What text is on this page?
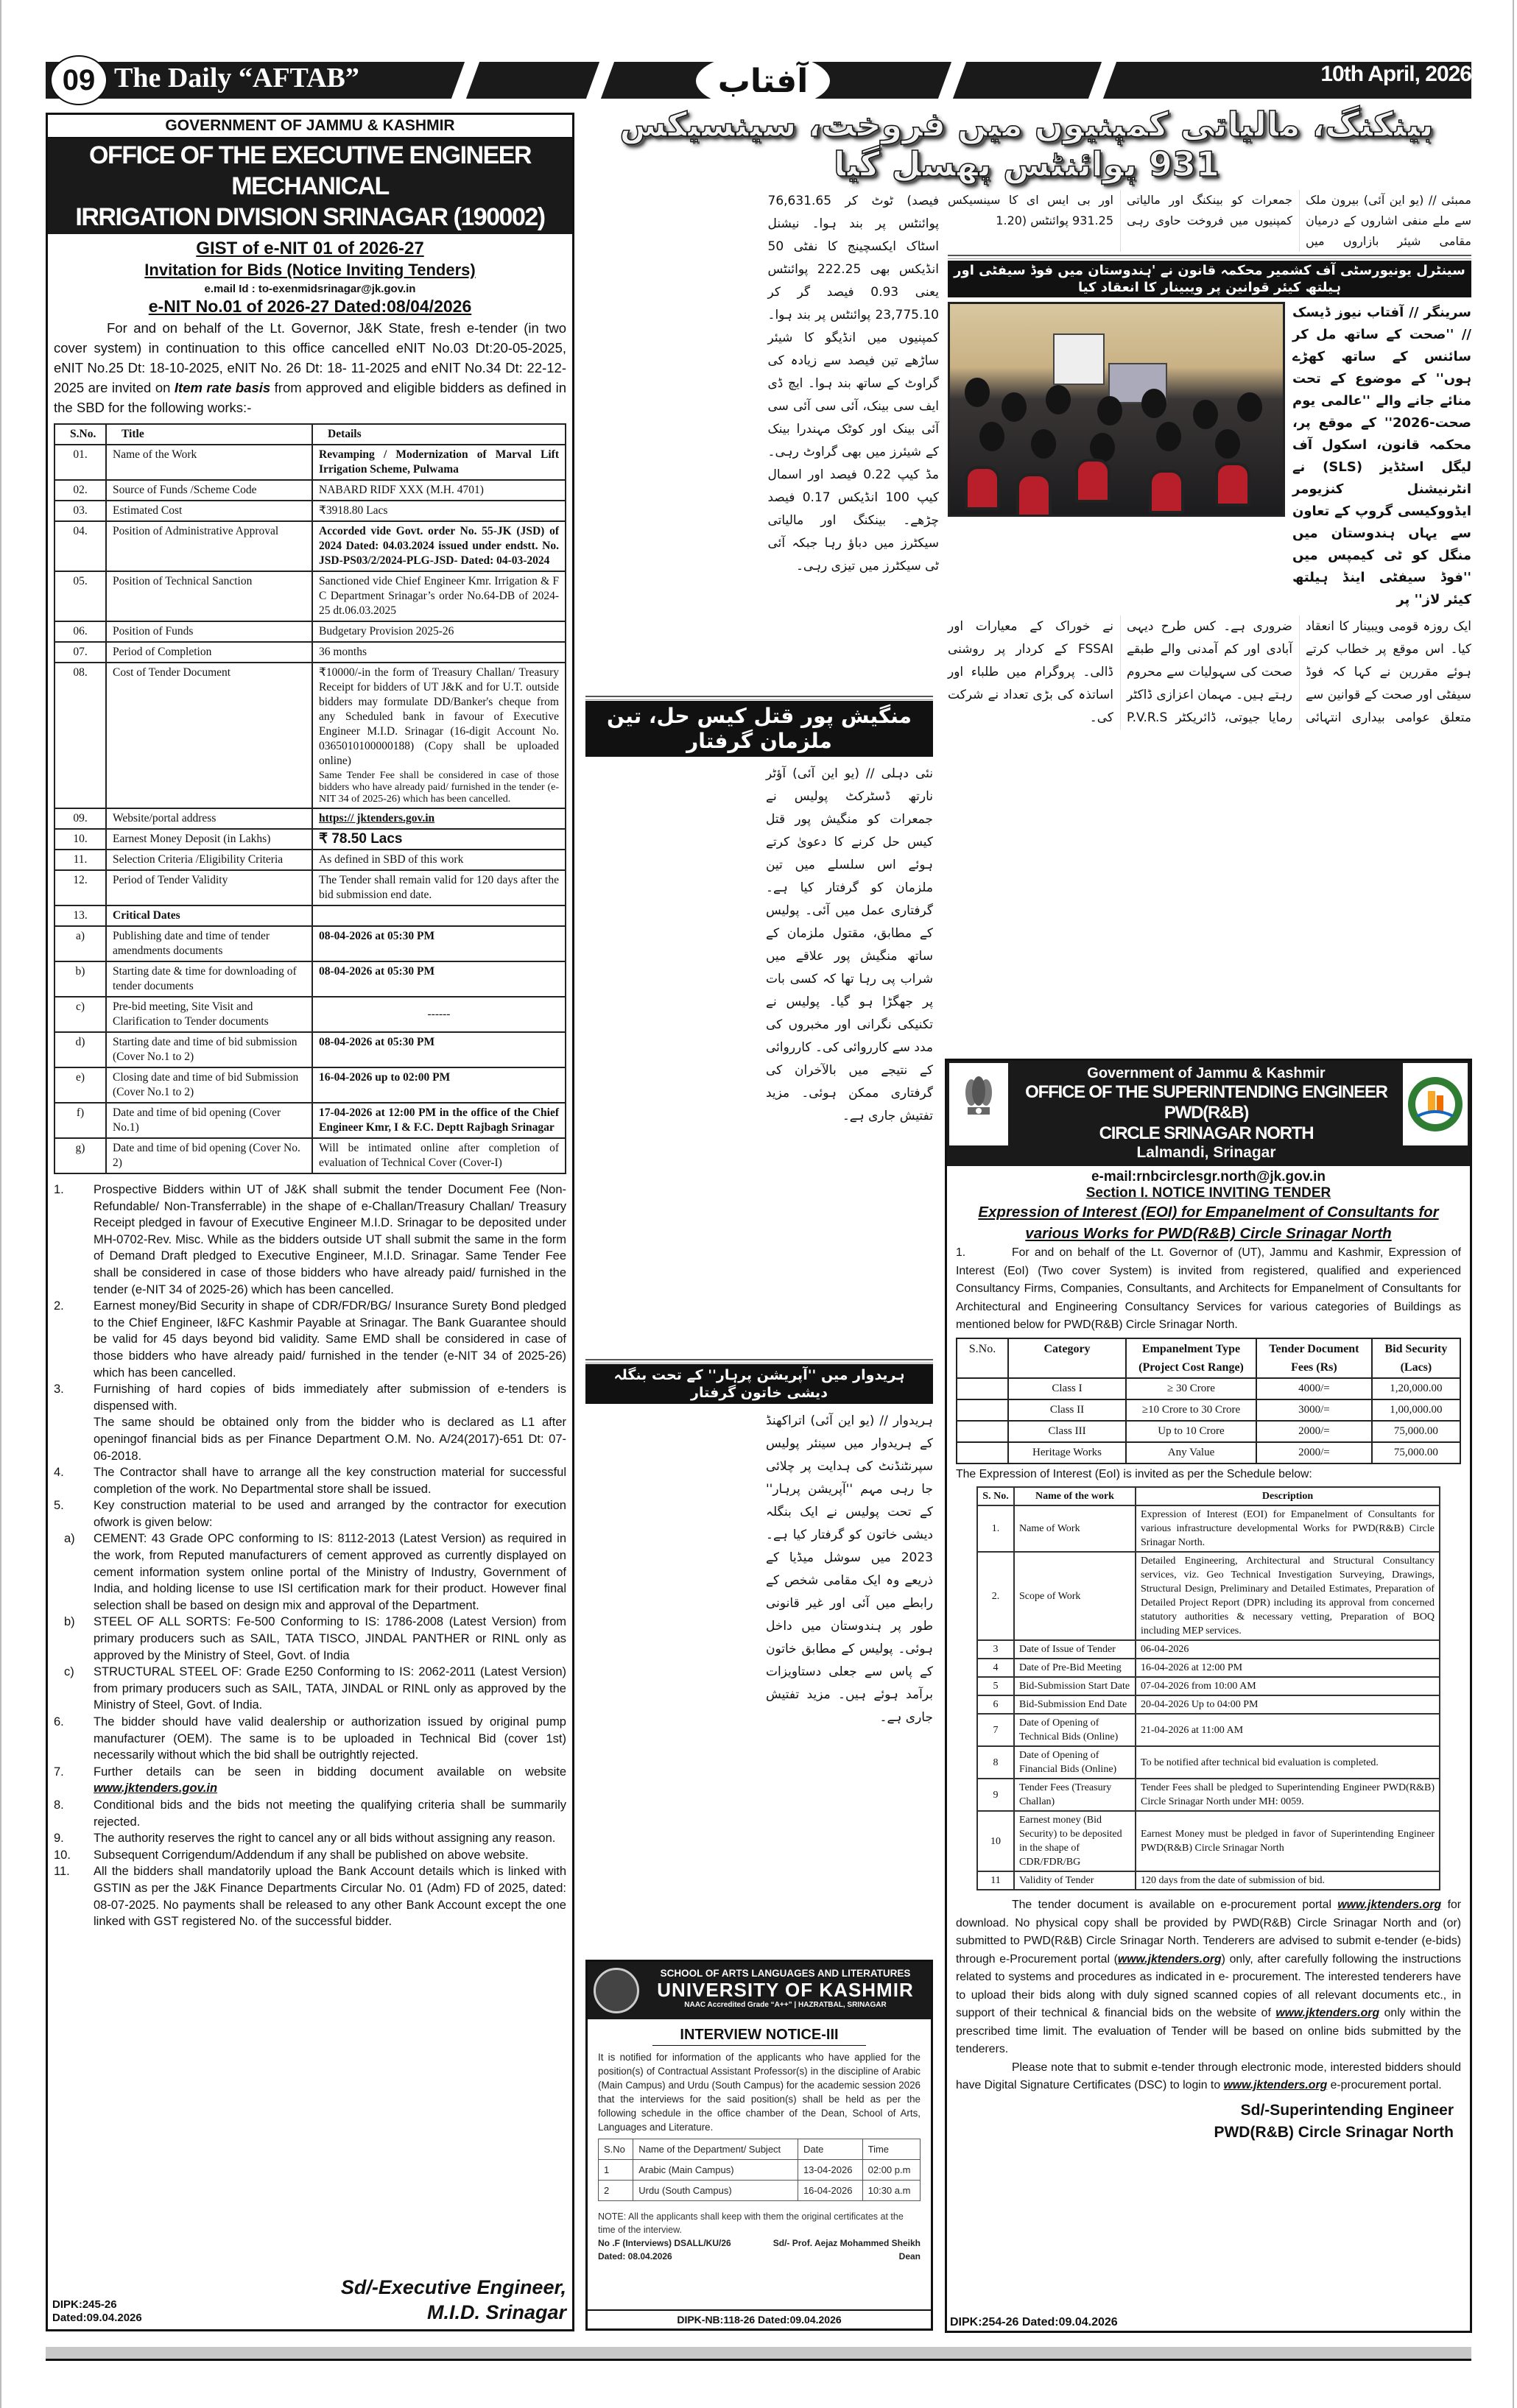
09 The Daily “AFTAB”	آفتاب	10th April, 2026
GOVERNMENT OF JAMMU & KASHMIR
OFFICE OF THE EXECUTIVE ENGINEER MECHANICAL
IRRIGATION DIVISION SRINAGAR (190002)
GIST of e-NIT 01 of 2026-27
Invitation for Bids (Notice Inviting Tenders)
e.mail Id : to-exenmidsrinagar@jk.gov.in
e-NIT No.01 of 2026-27 Dated:08/04/2026
For and on behalf of the Lt. Governor, J&K State, fresh e-tender (in two cover system) in continuation to this office cancelled eNIT No.03 Dt:20-05-2025, eNIT No.25 Dt: 18-10-2025, eNIT No. 26 Dt: 18- 11-2025 and eNIT No.34 Dt: 22-12-2025 are invited on Item rate basis from approved and eligible bidders as defined in the SBD for the following works:-
S.No.	Title	Details

01.	Name of the Work	Revamping / Modernization of Marval Lift Irrigation Scheme, Pulwama

02.	Source of Funds /Scheme Code	NABARD RIDF XXX (M.H. 4701)

03.	Estimated Cost	₹3918.80 Lacs

04.	Position of Administrative Approval	Accorded vide Govt. order No. 55-JK (JSD) of 2024 Dated: 04.03.2024 issued under endstt. No. JSD-PS03/2/2024-PLG-JSD- Dated: 04-03-2024

05.	Position of Technical Sanction	Sanctioned vide Chief Engineer Kmr. Irrigation & F C Department Srinagar’s order No.64-DB of 2024-25 dt.06.03.2025

06.	Position of Funds	Budgetary Provision 2025-26

07.	Period of Completion	36 months

08.	Cost of Tender Document	₹10000/-in the form of Treasury Challan/ Treasury Receipt for bidders of UT J&K and for U.T. outside bidders may formulate DD/Banker's cheque from any Scheduled bank in favour of Executive Engineer M.I.D. Srinagar (16-digit Account No. 0365010100000188) (Copy shall be uploaded online)
Same Tender Fee shall be considered in case of those bidders who have already paid/ furnished in the tender (e-NIT 34 of 2025-26) which has been cancelled.

09.	Website/portal address	https:// jktenders.gov.in

10.	Earnest Money Deposit (in Lakhs)	₹ 78.50 Lacs

11.	Selection Criteria /Eligibility Criteria	As defined in SBD of this work

12.	Period of Tender Validity	The Tender shall remain valid for 120 days after the bid submission end date.

13.	Critical Dates	

a)	Publishing date and time of tender amendments documents	08-04-2026 at 05:30 PM

b)	Starting date & time for downloading of tender documents	08-04-2026 at 05:30 PM

c)	Pre-bid meeting, Site Visit and Clarification to Tender documents	------

d)	Starting date and time of bid submission (Cover No.1 to 2)	08-04-2026 at 05:30 PM

e)	Closing date and time of bid Submission (Cover No.1 to 2)	16-04-2026 up to 02:00 PM

f)	Date and time of bid opening (Cover No.1)	17-04-2026 at 12:00 PM in the office of the Chief Engineer Kmr, I & F.C. Deptt Rajbagh Srinagar

g)	Date and time of bid opening (Cover No. 2)	Will be intimated online after completion of evaluation of Technical Cover (Cover-I)
1.	Prospective Bidders within UT of J&K shall submit the tender Document Fee (Non- Refundable/ Non-Transferrable) in the shape of e-Challan/Treasury Challan/ Treasury Receipt pledged in favour of Executive Engineer M.I.D. Srinagar to be deposited under MH-0702-Rev. Misc. While as the bidders outside UT shall submit the same in the form of Demand Draft pledged to Executive Engineer, M.I.D. Srinagar. Same Tender Fee shall be considered in case of those bidders who have already paid/ furnished in the tender (e-NIT 34 of 2025-26) which has been cancelled.
2.	Earnest money/Bid Security in shape of CDR/FDR/BG/ Insurance Surety Bond pledged to the Chief Engineer, I&FC Kashmir Payable at Srinagar. The Bank Guarantee should be valid for 45 days beyond bid validity. Same EMD shall be considered in case of those bidders who have already paid/ furnished in the tender (e-NIT 34 of 2025-26) which has been cancelled.
3.	Furnishing of hard copies of bids immediately after submission of e-tenders is dispensed with.
The same should be obtained only from the bidder who is declared as L1 after openingof financial bids as per Finance Department O.M. No. A/24(2017)-651 Dt: 07-06-2018.
4.	The Contractor shall have to arrange all the key construction material for successful completion of the work. No Departmental store shall be issued.
5.	Key construction material to be used and arranged by the contractor for execution ofwork is given below:
a)	CEMENT: 43 Grade OPC conforming to IS: 8112-2013 (Latest Version) as required in the work, from Reputed manufacturers of cement approved as currently displayed on cement information system online portal of the Ministry of Industry, Government of India, and holding license to use ISI certification mark for their product. However final selection shall be based on design mix and approval of the Department.
b)	STEEL OF ALL SORTS: Fe-500 Conforming to IS: 1786-2008 (Latest Version) from primary producers such as SAIL, TATA TISCO, JINDAL PANTHER or RINL only as approved by the Ministry of Steel, Govt. of India
c)	STRUCTURAL STEEL OF: Grade E250 Conforming to IS: 2062-2011 (Latest Version) from primary producers such as SAIL, TATA, JINDAL or RINL only as approved by the Ministry of Steel, Govt. of India.
6.	The bidder should have valid dealership or authorization issued by original pump manufacturer (OEM). The same is to be uploaded in Technical Bid (cover 1st) necessarily without which the bid shall be outrightly rejected.
7.	Further details can be seen in bidding document available on website www.jktenders.gov.in
8.	Conditional bids and the bids not meeting the qualifying criteria shall be summarily rejected.
9.	The authority reserves the right to cancel any or all bids without assigning any reason.
10.	Subsequent Corrigendum/Addendum if any shall be published on above website.
11.	All the bidders shall mandatorily upload the Bank Account details which is linked with GSTIN as per the J&K Finance Departments Circular No. 01 (Adm) FD of 2025, dated: 08-07-2025. No payments shall be released to any other Bank Account except the one linked with GST registered No. of the successful bidder.
DIPK:245-26
Dated:09.04.2026
Sd/-Executive Engineer,
M.I.D. Srinagar
بینکنگ، مالیاتی کمپنیوں میں فروخت، سینسیکس 931 پوائنٹس پھسل گیا
فیصد) ٹوٹ کر 76,631.65 پوائنٹس پر بند ہوا۔ نیشنل اسٹاک ایکسچینج کا نفٹی 50 انڈیکس بھی 222.25 پوائنٹس یعنی 0.93 فیصد گر کر 23,775.10 پوائنٹس پر بند ہوا۔ کمپنیوں میں انڈیگو کا شیئر ساڑھے تین فیصد سے زیادہ کی گراوٹ کے ساتھ بند ہوا۔ ایچ ڈی ایف سی بینک، آئی سی آئی سی آئی بینک اور کوٹک مہندرا بینک کے شیئرز میں بھی گراوٹ رہی۔ مڈ کیپ 0.22 فیصد اور اسمال کیپ 100 انڈیکس 0.17 فیصد چڑھے۔ بینکنگ اور مالیاتی سیکٹرز میں دباؤ رہا جبکہ آئی ٹی سیکٹرز میں تیزی رہی۔
ممبئی // (یو این آئی) بیرون ملک سے ملے منفی اشاروں کے درمیان مقامی شیئر بازاروں میں جمعرات کو بینکنگ اور مالیاتی کمپنیوں میں فروخت حاوی رہی اور بی ایس ای کا سینسیکس 931.25 پوائنٹس (1.20
سینٹرل یونیورسٹی آف کشمیر محکمہ قانون نے 'ہندوستان میں فوڈ سیفٹی اور ہیلتھ کیئر قوانین پر ویبینار کا انعقاد کیا
سرینگر // آفتاب نیوز ڈیسک // ''صحت کے ساتھ مل کر سائنس کے ساتھ کھڑے ہوں'' کے موضوع کے تحت منائے جانے والے ''عالمی یوم صحت-2026'' کے موقع پر، محکمہ قانون، اسکول آف لیگل اسٹڈیز (SLS) نے انٹرنیشنل کنزیومر ایڈووکیسی گروپ کے تعاون سے یہاں ہندوستان میں منگل کو ٹی کیمپس میں ''فوڈ سیفٹی اینڈ ہیلتھ کیئر لاز'' پر
ایک روزہ قومی ویبینار کا انعقاد کیا۔ اس موقع پر خطاب کرتے ہوئے مقررین نے کہا کہ فوڈ سیفٹی اور صحت کے قوانین سے متعلق عوامی بیداری انتہائی ضروری ہے۔ کس طرح دیہی آبادی اور کم آمدنی والے طبقے صحت کی سہولیات سے محروم رہتے ہیں۔ مہمان اعزازی ڈاکٹر رمایا جیوتی، ڈائریکٹر P.V.R.S نے خوراک کے معیارات اور FSSAI کے کردار پر روشنی ڈالی۔ پروگرام میں طلباء اور اساتذہ کی بڑی تعداد نے شرکت کی۔
منگیش پور قتل کیس حل، تین ملزمان گرفتار
نئی دہلی // (یو این آئی) آؤٹر نارتھ ڈسٹرکٹ پولیس نے جمعرات کو منگیش پور قتل کیس حل کرنے کا دعویٰ کرتے ہوئے اس سلسلے میں تین ملزمان کو گرفتار کیا ہے۔ گرفتاری عمل میں آئی۔ پولیس کے مطابق، مقتول ملزمان کے ساتھ منگیش پور علاقے میں شراب پی رہا تھا کہ کسی بات پر جھگڑا ہو گیا۔ پولیس نے تکنیکی نگرانی اور مخبروں کی مدد سے کارروائی کی۔ کارروائی کے نتیجے میں بالآخران کی گرفتاری ممکن ہوئی۔ مزید تفتیش جاری ہے۔
ہریدوار میں ''آپریشن پرہار'' کے تحت بنگلہ دیشی خاتون گرفتار
ہریدوار // (یو این آئی) اتراکھنڈ کے ہریدوار میں سینئر پولیس سپرنٹنڈنٹ کی ہدایت پر چلائی جا رہی مہم ''آپریشن پرہار'' کے تحت پولیس نے ایک بنگلہ دیشی خاتون کو گرفتار کیا ہے۔ 2023 میں سوشل میڈیا کے ذریعے وہ ایک مقامی شخص کے رابطے میں آئی اور غیر قانونی طور پر ہندوستان میں داخل ہوئی۔ پولیس کے مطابق خاتون کے پاس سے جعلی دستاویزات برآمد ہوئے ہیں۔ مزید تفتیش جاری ہے۔
सत्यमेव जयते
Government of Jammu & Kashmir
OFFICE OF THE SUPERINTENDING ENGINEER PWD(R&B)
CIRCLE SRINAGAR NORTH
Lalmandi, Srinagar
e-mail:rnbcirclesgr.north@jk.gov.in
Section I. NOTICE INVITING TENDER
Expression of Interest (EOI) for Empanelment of Consultants for various Works for PWD(R&B) Circle Srinagar North

1.	For and on behalf of the Lt. Governor of (UT), Jammu and Kashmir, Expression of Interest (EoI) (Two cover System) is invited from registered, qualified and experienced Consultancy Firms, Companies, Consultants, and Architects for Empanelment of Consultants for Architectural and Engineering Consultancy Services for various categories of Buildings as mentioned below for PWD(R&B) Circle Srinagar North.

S.No.	Category	Empanelment Type (Project Cost Range)	Tender Document Fees (Rs)	Bid Security (Lacs)

	Class I	≥ 30 Crore	4000/=	1,20,000.00

	Class II	≥10 Crore to 30 Crore	3000/=	1,00,000.00

	Class III	Up to 10 Crore	2000/=	75,000.00

	Heritage Works	Any Value	2000/=	75,000.00

The Expression of Interest (EoI) is invited as per the Schedule below:

S. No.	Name of the work	Description

1.	Name of Work	Expression of Interest (EOI) for Empanelment of Consultants for various infrastructure developmental Works for PWD(R&B) Circle Srinagar North.

2.	Scope of Work	Detailed Engineering, Architectural and Structural Consultancy services, viz. Geo Technical Investigation Surveying, Drawings, Structural Design, Preliminary and Detailed Estimates, Preparation of Detailed Project Report (DPR) including its approval from concerned statutory authorities & necessary vetting, Preparation of BOQ including MEP services.

3	Date of Issue of Tender	06-04-2026

4	Date of Pre-Bid Meeting	16-04-2026 at 12:00 PM

5	Bid-Submission Start Date	07-04-2026 from 10:00 AM

6	Bid-Submission End Date	20-04-2026 Up to 04:00 PM

7	Date of Opening of Technical Bids (Online)	21-04-2026 at 11:00 AM

8	Date of Opening of Financial Bids (Online)	To be notified after technical bid evaluation is completed.

9	Tender Fees (Treasury Challan)	Tender Fees shall be pledged to Superintending Engineer PWD(R&B) Circle Srinagar North under MH: 0059.

10	Earnest money (Bid Security) to be deposited in the shape of CDR/FDR/BG	Earnest Money must be pledged in favor of Superintending Engineer PWD(R&B) Circle Srinagar North

11	Validity of Tender	120 days from the date of submission of bid.

The tender document is available on e-procurement portal www.jktenders.org for download. No physical copy shall be provided by PWD(R&B) Circle Srinagar North and (or) submitted to PWD(R&B) Circle Srinagar North. Tenderers are advised to submit e-tender (e-bids) through e-Procurement portal (www.jktenders.org) only, after carefully following the instructions related to systems and procedures as indicated in e- procurement. The interested tenderers have to upload their bids along with duly signed scanned copies of all relevant documents etc., in support of their technical & financial bids on the website of www.jktenders.org only within the prescribed time limit. The evaluation of Tender will be based on online bids submitted by the tenderers.

Please note that to submit e-tender through electronic mode, interested bidders should have Digital Signature Certificates (DSC) to login to www.jktenders.org e-procurement portal.

Sd/-Superintending Engineer
PWD(R&B) Circle Srinagar North
DIPK:254-26 Dated:09.04.2026
SCHOOL OF ARTS LANGUAGES AND LITERATURES
UNIVERSITY OF KASHMIR
NAAC Accredited Grade “A++” | HAZRATBAL, SRINAGAR
INTERVIEW NOTICE-III

It is notified for information of the applicants who have applied for the position(s) of Contractual Assistant Professor(s) in the discipline of Arabic (Main Campus) and Urdu (South Campus) for the academic session 2026 that the interviews for the said position(s) shall be held as per the following schedule in the office chamber of the Dean, School of Arts, Languages and Literature.

S.No	Name of the Department/ Subject	Date	Time

1	Arabic (Main Campus)	13-04-2026	02:00 p.m

2	Urdu (South Campus)	16-04-2026	10:30 a.m
NOTE: All the applicants shall keep with them the original certificates at the time of the interview.
No .F (Interviews) DSALL/KU/26	Sd/- Prof. Aejaz Mohammed Sheikh
Dated: 08.04.2026	Dean
DIPK-NB:118-26 Dated:09.04.2026
